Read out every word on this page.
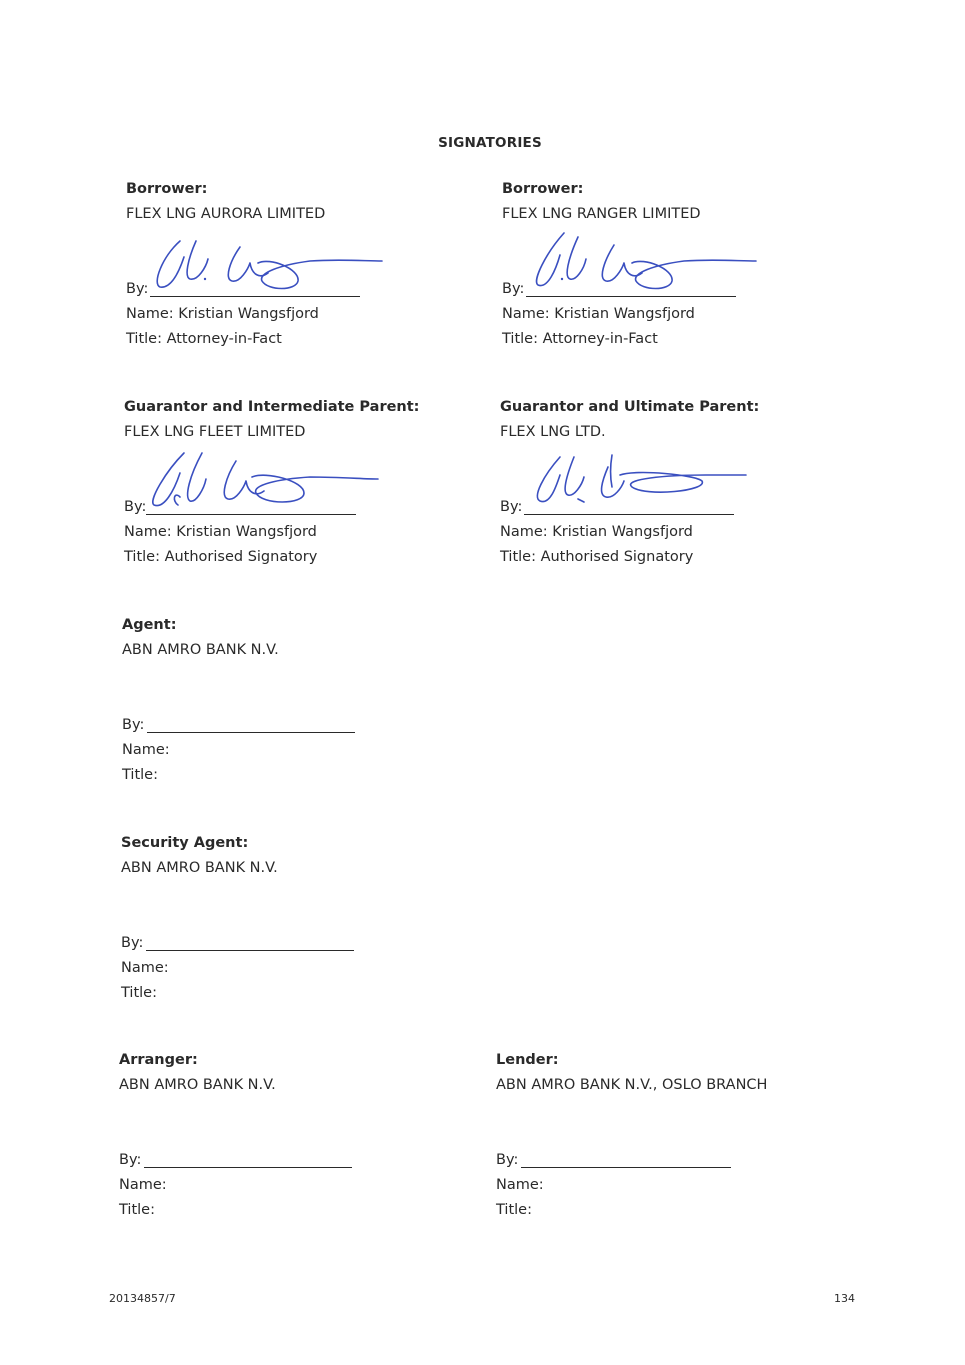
SIGNATORIES
Borrower:
FLEX LNG AURORA LIMITED
By:
Name: Kristian Wangsfjord
Title: Attorney-in-Fact
Borrower:
FLEX LNG RANGER LIMITED
By:
Name: Kristian Wangsfjord
Title: Attorney-in-Fact
Guarantor and Intermediate Parent:
FLEX LNG FLEET LIMITED
By:
Name: Kristian Wangsfjord
Title: Authorised Signatory
Guarantor and Ultimate Parent:
FLEX LNG LTD.
By:
Name: Kristian Wangsfjord
Title: Authorised Signatory
Agent:
ABN AMRO BANK N.V.
By:
Name:
Title:
Security Agent:
ABN AMRO BANK N.V.
By:
Name:
Title:
Arranger:
ABN AMRO BANK N.V.
By:
Name:
Title:
Lender:
ABN AMRO BANK N.V., OSLO BRANCH
By:
Name:
Title:
20134857/7	134
